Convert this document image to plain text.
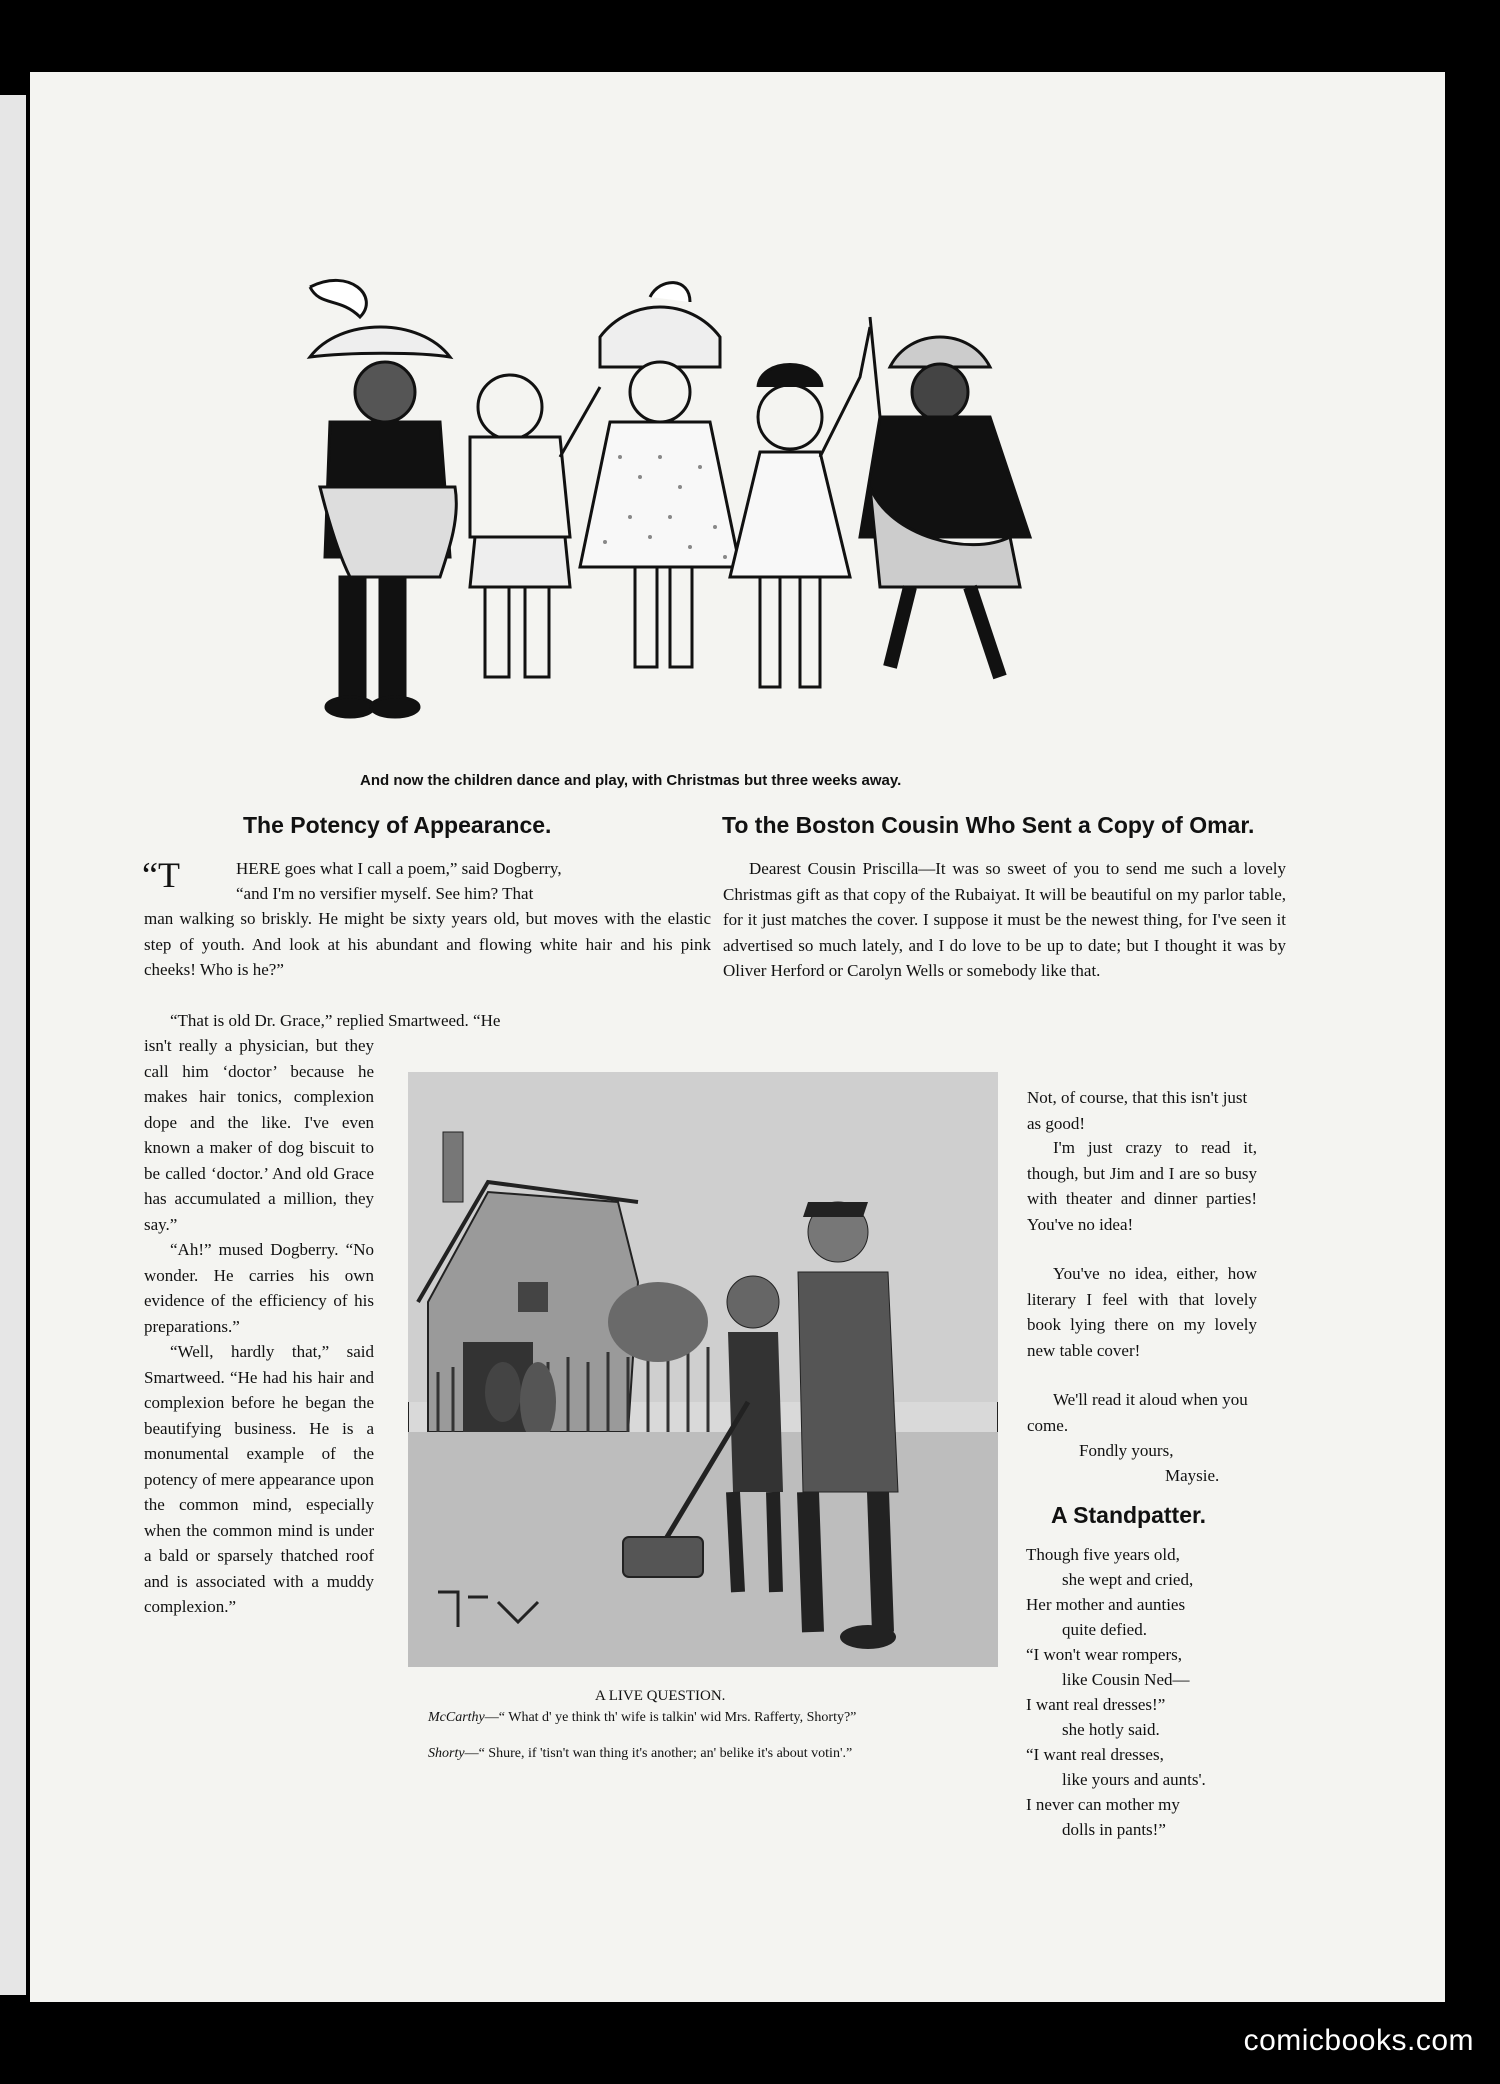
And now the children dance and play, with Christmas but three weeks away.
The Potency of Appearance.
“T	HERE goes what I call a poem,” said Dogberry,

“and I'm no versifier myself. See him? That

man walking so briskly. He might be sixty years old, but moves with the elastic step of youth. And look at his abundant and flowing white hair and his pink cheeks! Who is he?”

“That is old Dr. Grace,” replied Smartweed. “He

isn't really a physician, but they call him ‘doctor’ because he makes hair tonics, complexion dope and the like. I've even known a maker of dog biscuit to be called ‘doctor.’ And old Grace has accumulated a million, they say.”

“Ah!” mused Dogberry. “No wonder. He carries his own evidence of the efficiency of his preparations.”

“Well, hardly that,” said Smartweed. “He had his hair and complexion before he began the beautifying business. He is a monumental example of the potency of mere appearance upon the common mind, especially when the common mind is under a bald or sparsely thatched roof and is associated with a muddy complexion.”

A LIVE QUESTION.
McCarthy—“ What d' ye think th' wife is talkin' wid Mrs. Rafferty, Shorty?”
Shorty—“ Shure, if 'tisn't wan thing it's another; an' belike it's about votin'.”
To the Boston Cousin Who Sent a Copy of Omar.

Dearest Cousin Priscilla—It was so sweet of you to send me such a lovely Christmas gift as that copy of the Rubaiyat. It will be beautiful on my parlor table, for it just matches the cover. I suppose it must be the newest thing, for I've seen it advertised so much lately, and I do love to be up to date; but I thought it was by Oliver Herford or Carolyn Wells or somebody like that.

Not, of course, that this isn't just as good!

I'm just crazy to read it, though, but Jim and I are so busy with theater and dinner parties! You've no idea!

You've no idea, either, how literary I feel with that lovely book lying there on my lovely new table cover!

We'll read it aloud when you come.

Fondly yours,
Maysie.
A Standpatter.

Though five years old,

she wept and cried,

Her mother and aunties

quite defied.

“I won't wear rompers,

like Cousin Ned—

I want real dresses!”

she hotly said.

“I want real dresses,

like yours and aunts'.

I never can mother my

dolls in pants!”

comicbooks.com
